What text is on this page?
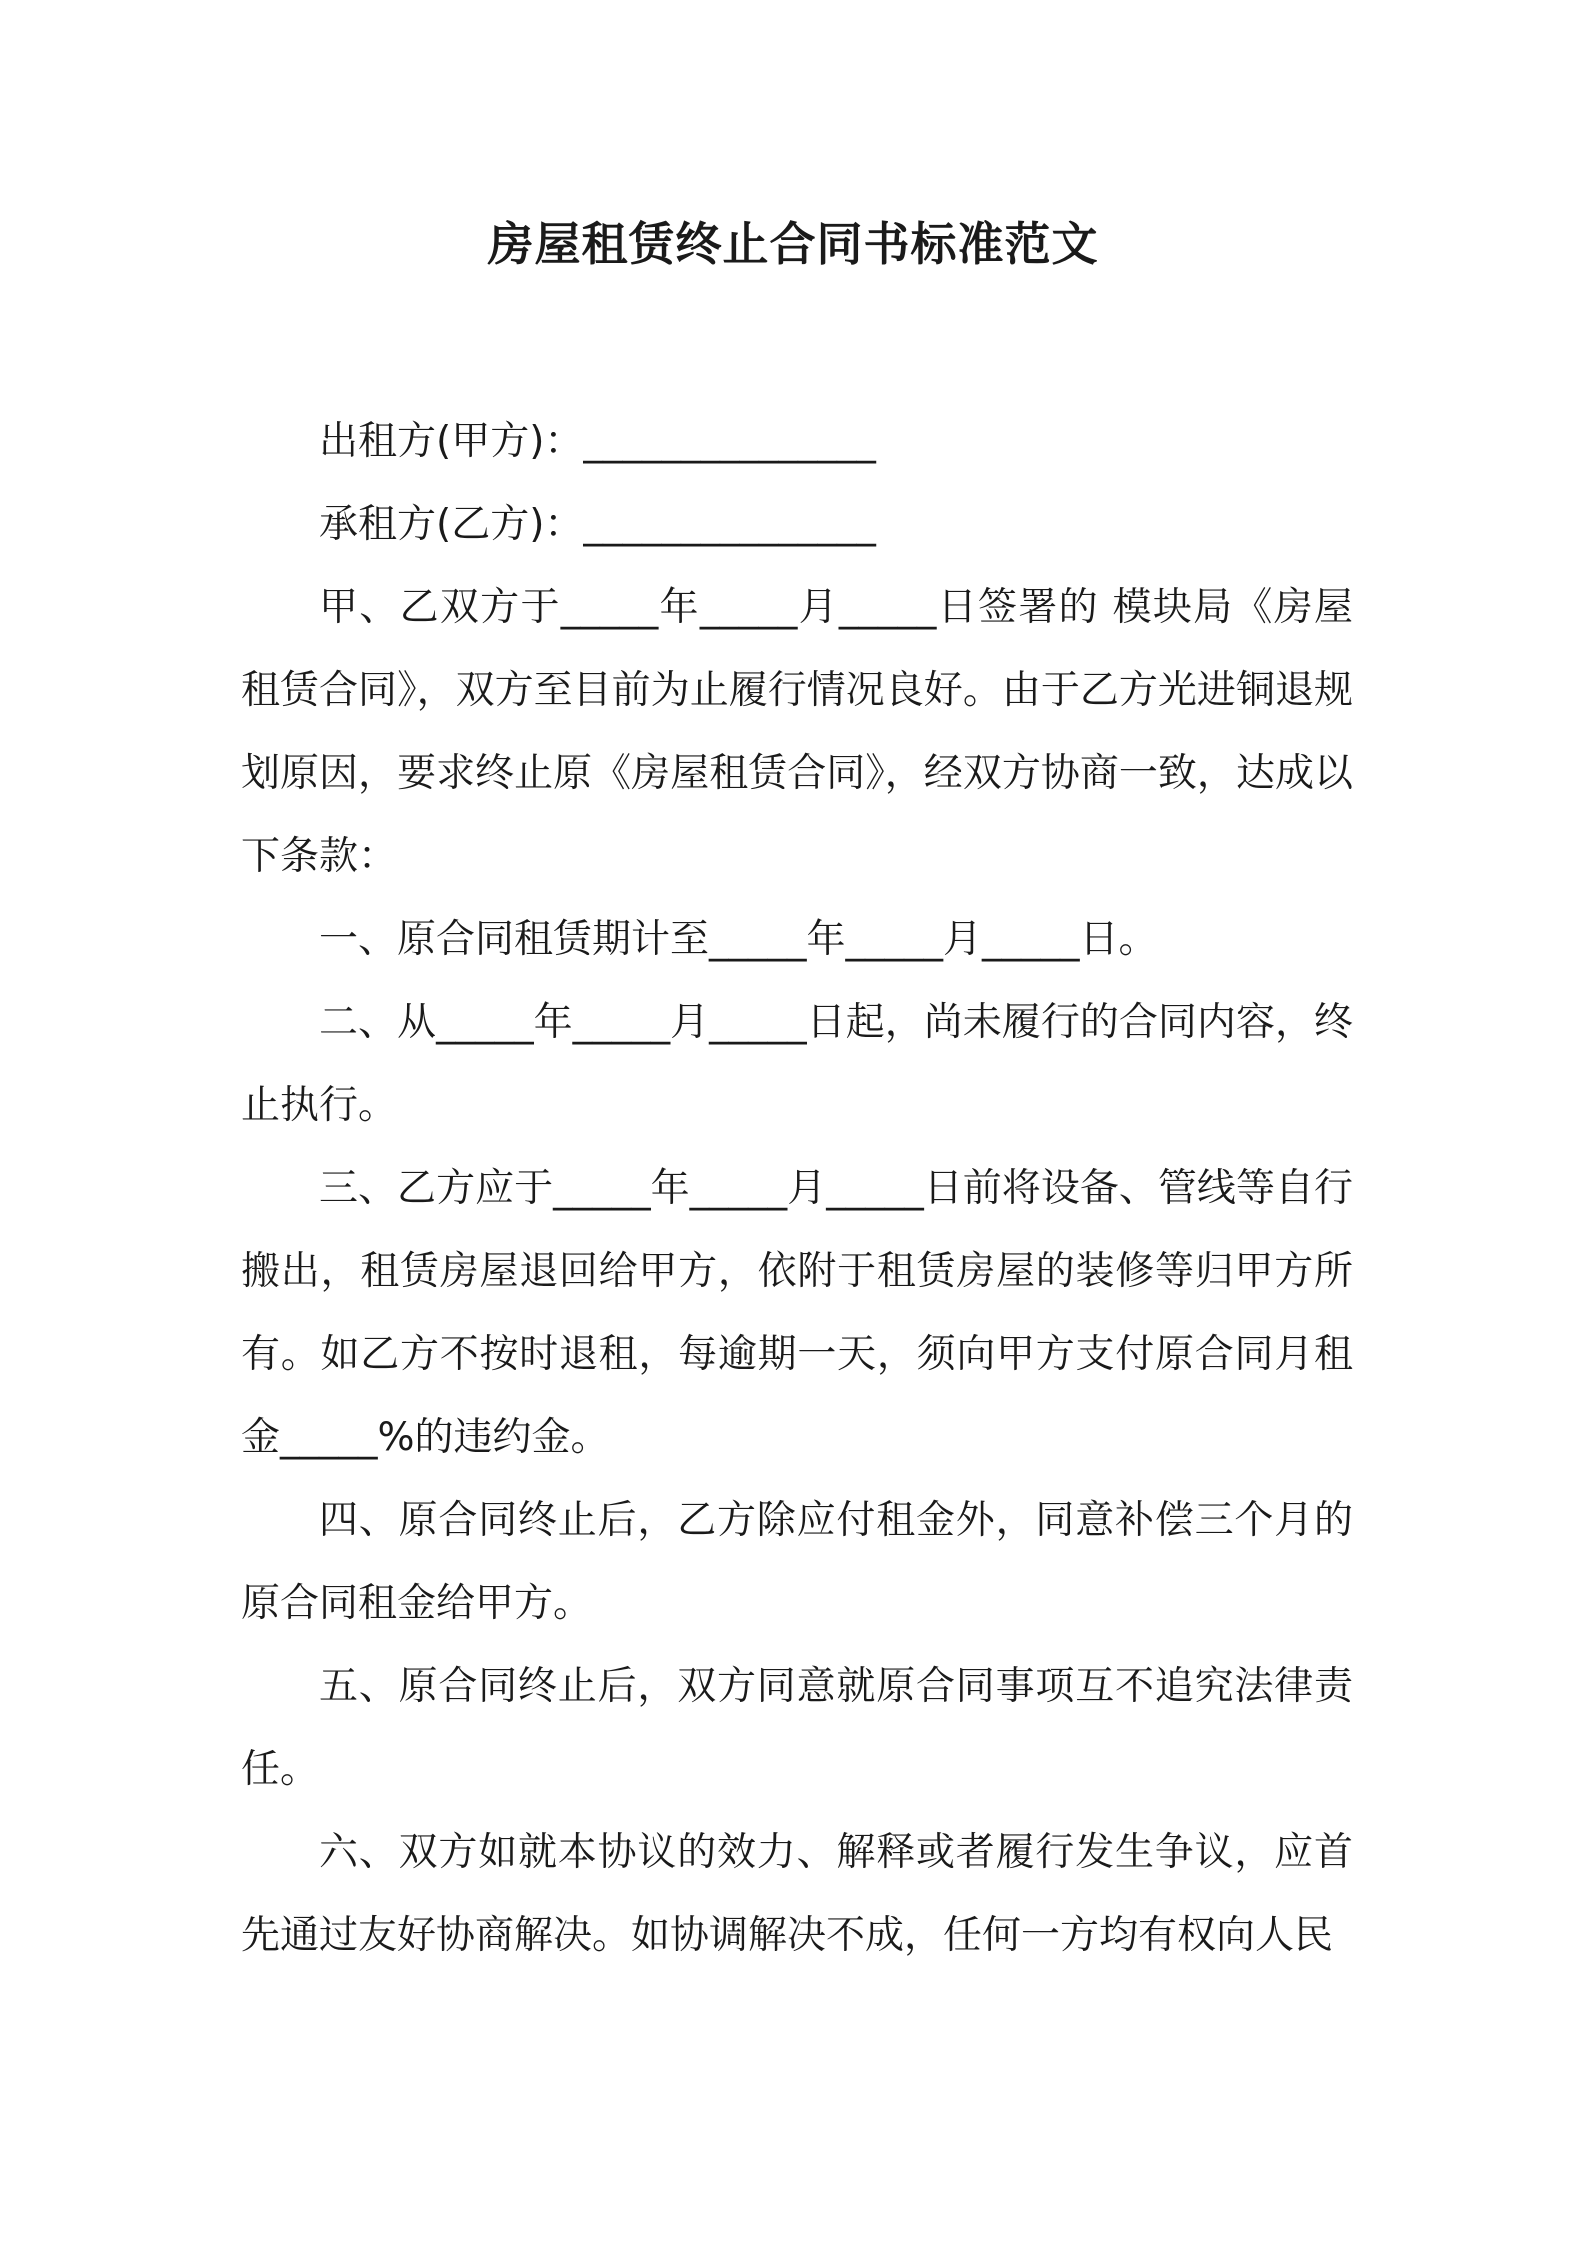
房屋租赁终止合同书标准范文

出租方(甲方)：_______________

承租方(乙方)：_______________

甲、乙双方于_____年_____月_____日签署的 模块局《房屋租赁合同》，双方至目前为止履行情况良好。由于乙方光进铜退规划原因，要求终止原《房屋租赁合同》，经双方协商一致，达成以下条款：

一、原合同租赁期计至_____年_____月_____日。

二、从_____年_____月_____日起，尚未履行的合同内容，终止执行。

三、乙方应于_____年_____月_____日前将设备、管线等自行搬出，租赁房屋退回给甲方，依附于租赁房屋的装修等归甲方所有。如乙方不按时退租，每逾期一天，须向甲方支付原合同月租金_____%的违约金。

四、原合同终止后，乙方除应付租金外，同意补偿三个月的原合同租金给甲方。

五、原合同终止后，双方同意就原合同事项互不追究法律责任。

六、双方如就本协议的效力、解释或者履行发生争议，应首先通过友好协商解决。如协调解决不成，任何一方均有权向人民
